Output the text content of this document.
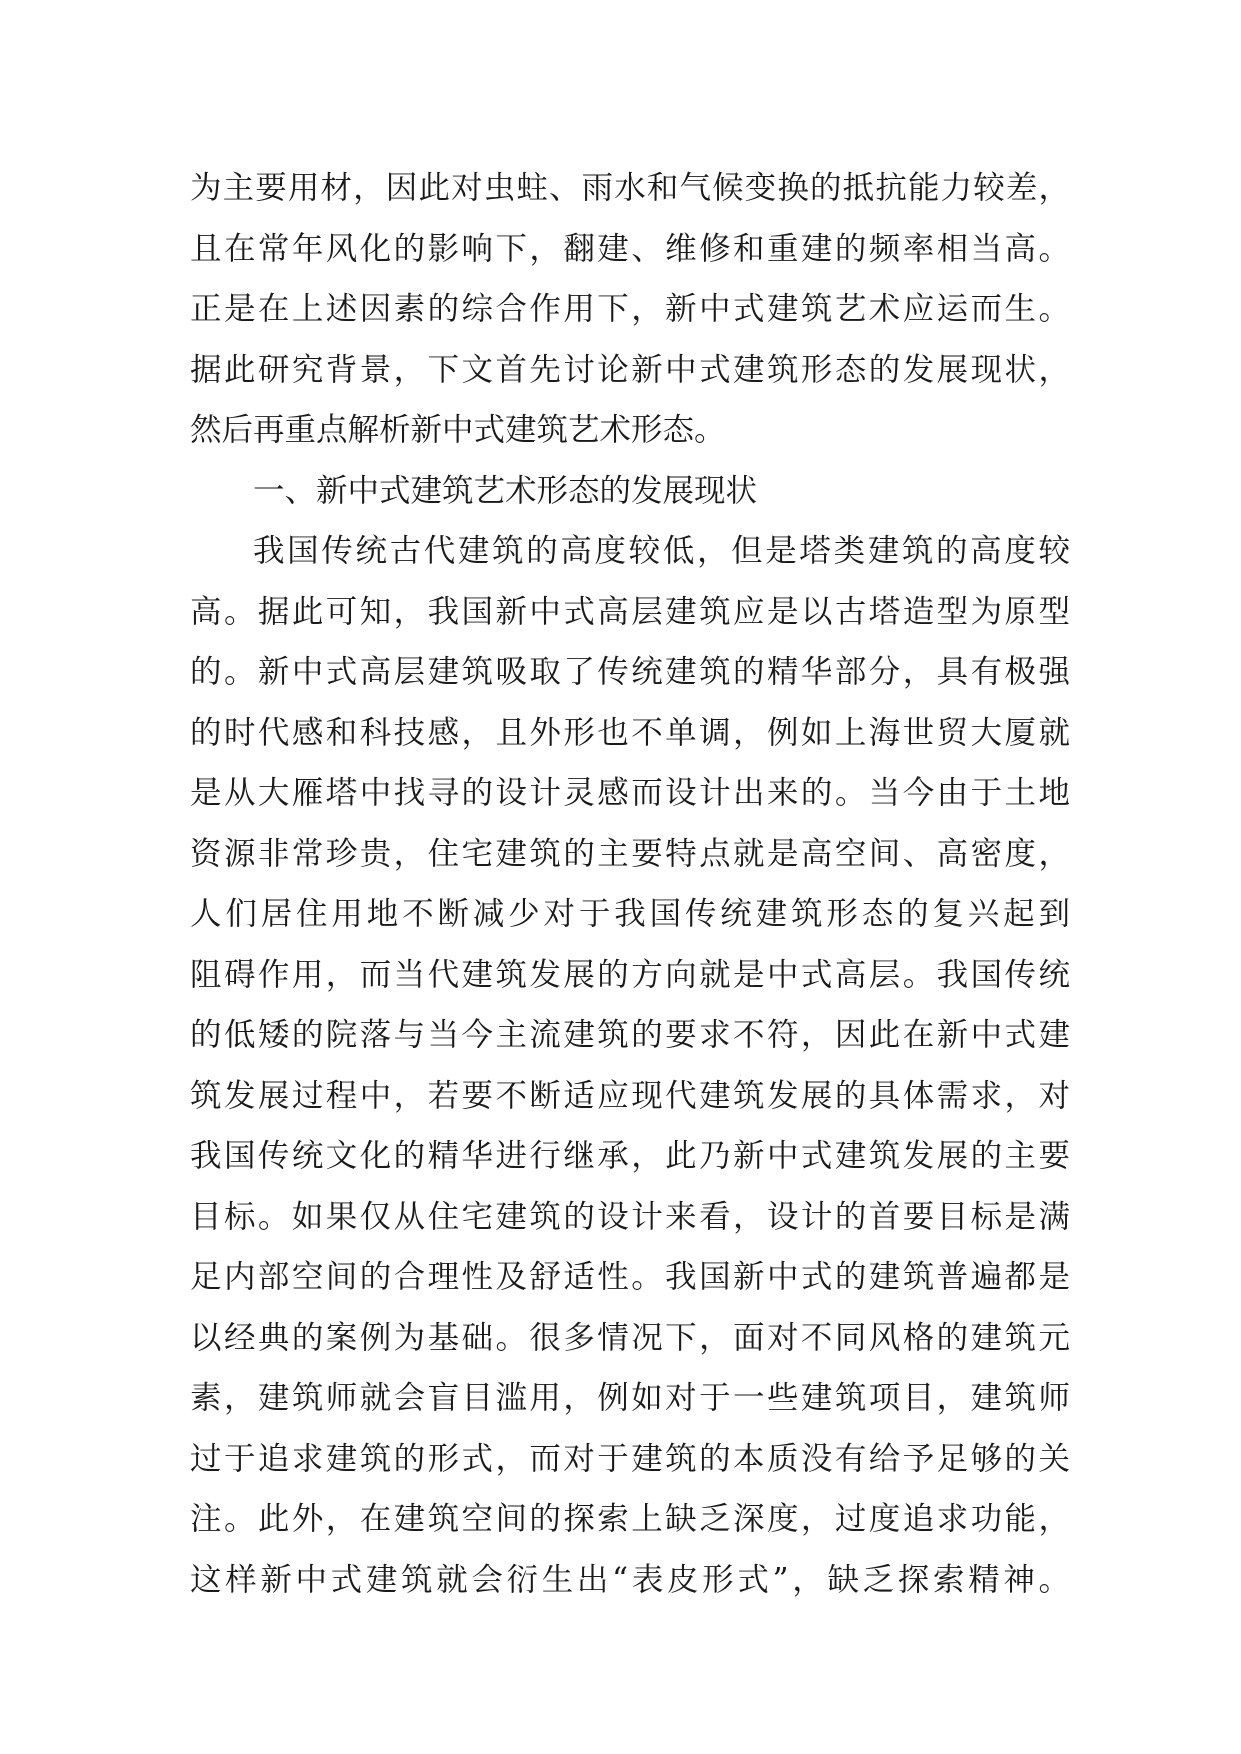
为主要用材，因此对虫蛀、雨水和气候变换的抵抗能力较差，
且在常年风化的影响下，翻建、维修和重建的频率相当高。
正是在上述因素的综合作用下，新中式建筑艺术应运而生。
据此研究背景，下文首先讨论新中式建筑形态的发展现状，
然后再重点解析新中式建筑艺术形态。
一、新中式建筑艺术形态的发展现状
我国传统古代建筑的高度较低，但是塔类建筑的高度较
高。据此可知，我国新中式高层建筑应是以古塔造型为原型
的。新中式高层建筑吸取了传统建筑的精华部分，具有极强
的时代感和科技感，且外形也不单调，例如上海世贸大厦就
是从大雁塔中找寻的设计灵感而设计出来的。当今由于土地
资源非常珍贵，住宅建筑的主要特点就是高空间、高密度，
人们居住用地不断减少对于我国传统建筑形态的复兴起到
阻碍作用，而当代建筑发展的方向就是中式高层。我国传统
的低矮的院落与当今主流建筑的要求不符，因此在新中式建
筑发展过程中，若要不断适应现代建筑发展的具体需求，对
我国传统文化的精华进行继承，此乃新中式建筑发展的主要
目标。如果仅从住宅建筑的设计来看，设计的首要目标是满
足内部空间的合理性及舒适性。我国新中式的建筑普遍都是
以经典的案例为基础。很多情况下，面对不同风格的建筑元
素，建筑师就会盲目滥用，例如对于一些建筑项目，建筑师
过于追求建筑的形式，而对于建筑的本质没有给予足够的关
注。此外，在建筑空间的探索上缺乏深度，过度追求功能，
这样新中式建筑就会衍生出“表皮形式”，缺乏探索精神。
